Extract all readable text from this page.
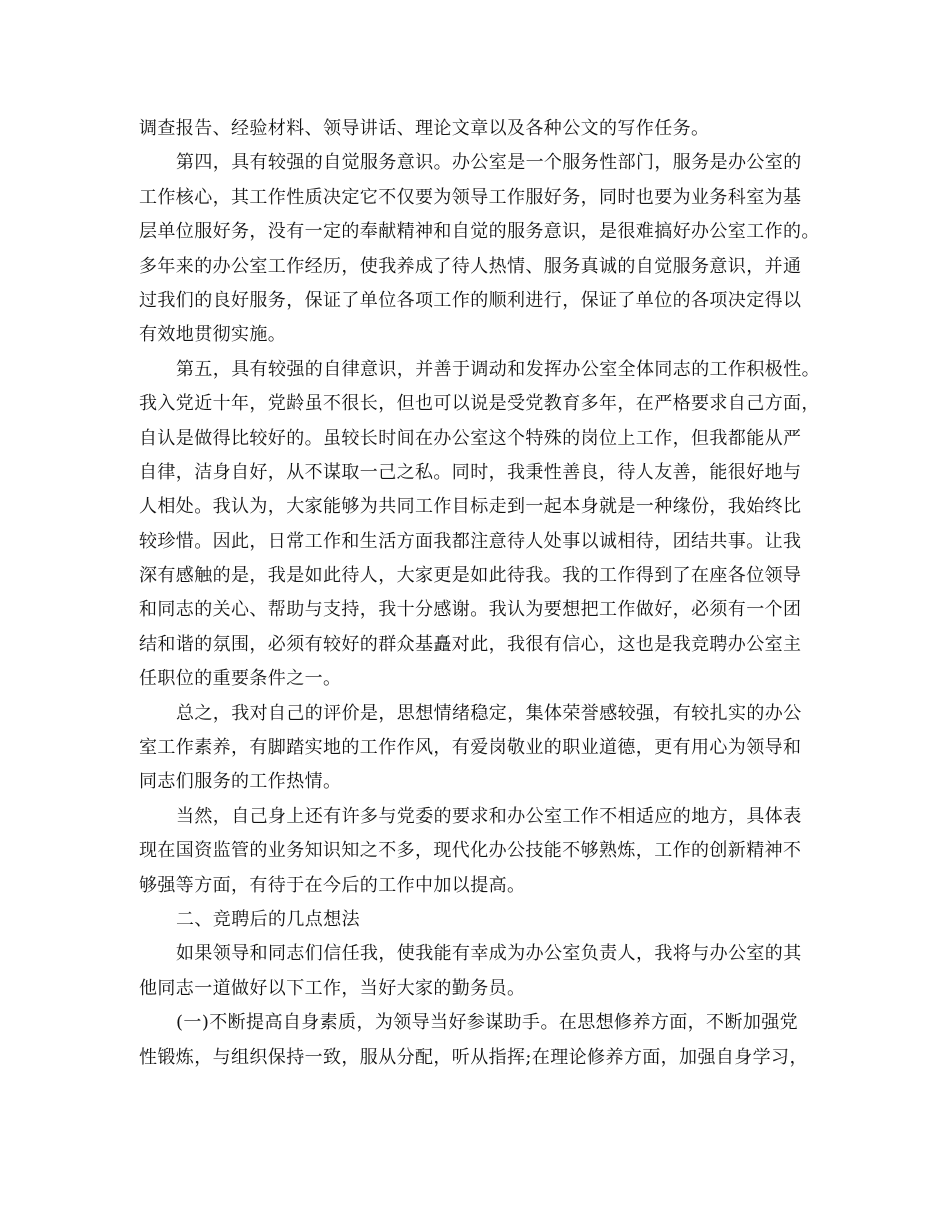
调查报告、经验材料、领导讲话、理论文章以及各种公文的写作任务。
第四，具有较强的自觉服务意识。办公室是一个服务性部门，服务是办公室的
工作核心，其工作性质决定它不仅要为领导工作服好务，同时也要为业务科室为基
层单位服好务，没有一定的奉献精神和自觉的服务意识，是很难搞好办公室工作的。
多年来的办公室工作经历，使我养成了待人热情、服务真诚的自觉服务意识，并通
过我们的良好服务，保证了单位各项工作的顺利进行，保证了单位的各项决定得以
有效地贯彻实施。
第五，具有较强的自律意识，并善于调动和发挥办公室全体同志的工作积极性。
我入党近十年，党龄虽不很长，但也可以说是受党教育多年，在严格要求自己方面，
自认是做得比较好的。虽较长时间在办公室这个特殊的岗位上工作，但我都能从严
自律，洁身自好，从不谋取一己之私。同时，我秉性善良，待人友善，能很好地与
人相处。我认为，大家能够为共同工作目标走到一起本身就是一种缘份，我始终比
较珍惜。因此，日常工作和生活方面我都注意待人处事以诚相待，团结共事。让我
深有感触的是，我是如此待人，大家更是如此待我。我的工作得到了在座各位领导
和同志的关心、帮助与支持，我十分感谢。我认为要想把工作做好，必须有一个团
结和谐的氛围，必须有较好的群众基矗对此，我很有信心，这也是我竞聘办公室主
任职位的重要条件之一。
总之，我对自己的评价是，思想情绪稳定，集体荣誉感较强，有较扎实的办公
室工作素养，有脚踏实地的工作作风，有爱岗敬业的职业道德，更有用心为领导和
同志们服务的工作热情。
当然，自己身上还有许多与党委的要求和办公室工作不相适应的地方，具体表
现在国资监管的业务知识知之不多，现代化办公技能不够熟炼，工作的创新精神不
够强等方面，有待于在今后的工作中加以提高。
二、竞聘后的几点想法
如果领导和同志们信任我，使我能有幸成为办公室负责人，我将与办公室的其
他同志一道做好以下工作，当好大家的勤务员。
(一)不断提高自身素质，为领导当好参谋助手。在思想修养方面，不断加强党
性锻炼，与组织保持一致，服从分配，听从指挥;在理论修养方面，加强自身学习，
